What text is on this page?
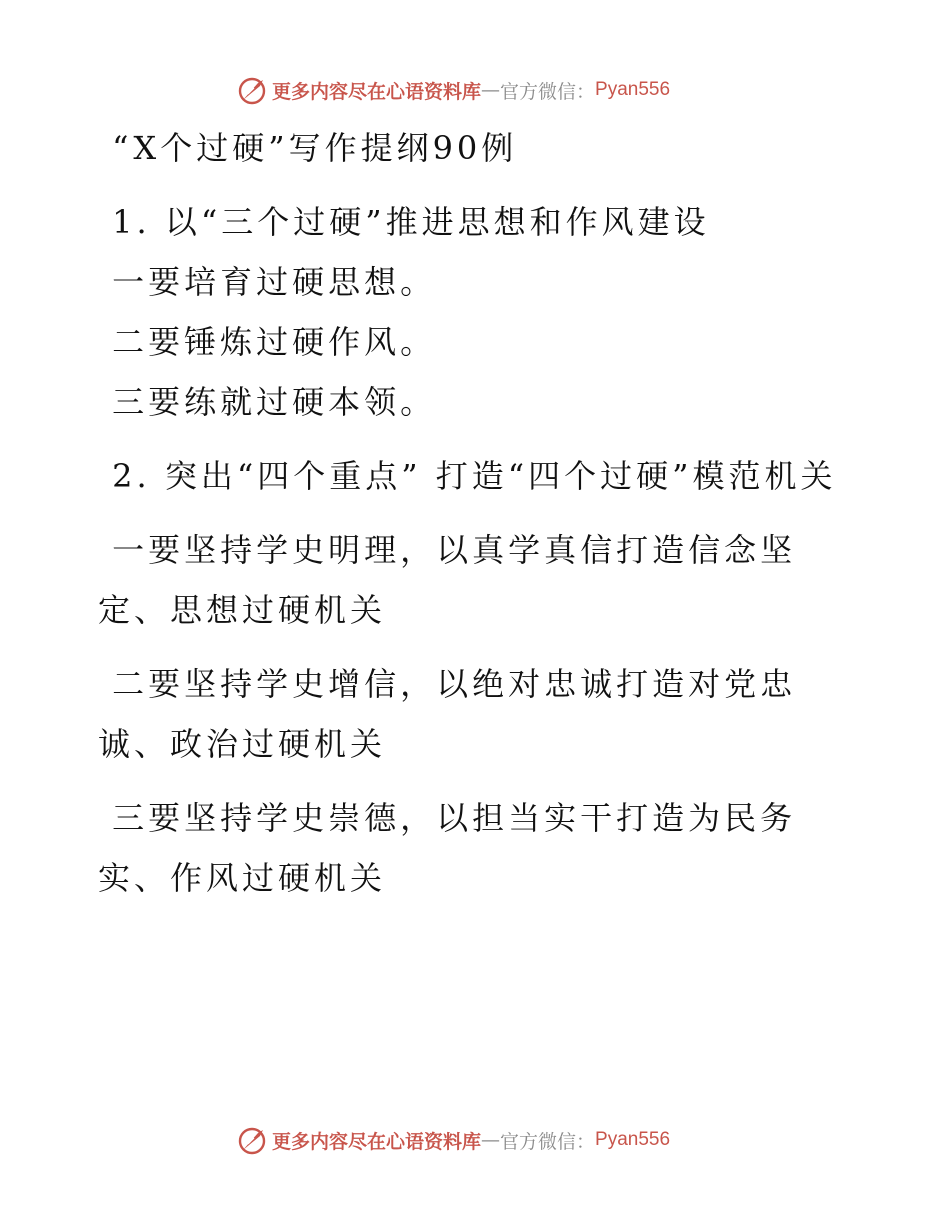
更多内容尽在心语资料库 — 官方微信： Pyan556

“X个过硬”写作提纲90例

1. 以“三个过硬”推进思想和作风建设

一要培育过硬思想。

二要锤炼过硬作风。

三要练就过硬本领。

2. 突出“四个重点” 打造“四个过硬”模范机关

一要坚持学史明理，以真学真信打造信念坚定、思想过硬机关

二要坚持学史增信，以绝对忠诚打造对党忠诚、政治过硬机关

三要坚持学史崇德，以担当实干打造为民务实、作风过硬机关

更多内容尽在心语资料库 — 官方微信： Pyan556
